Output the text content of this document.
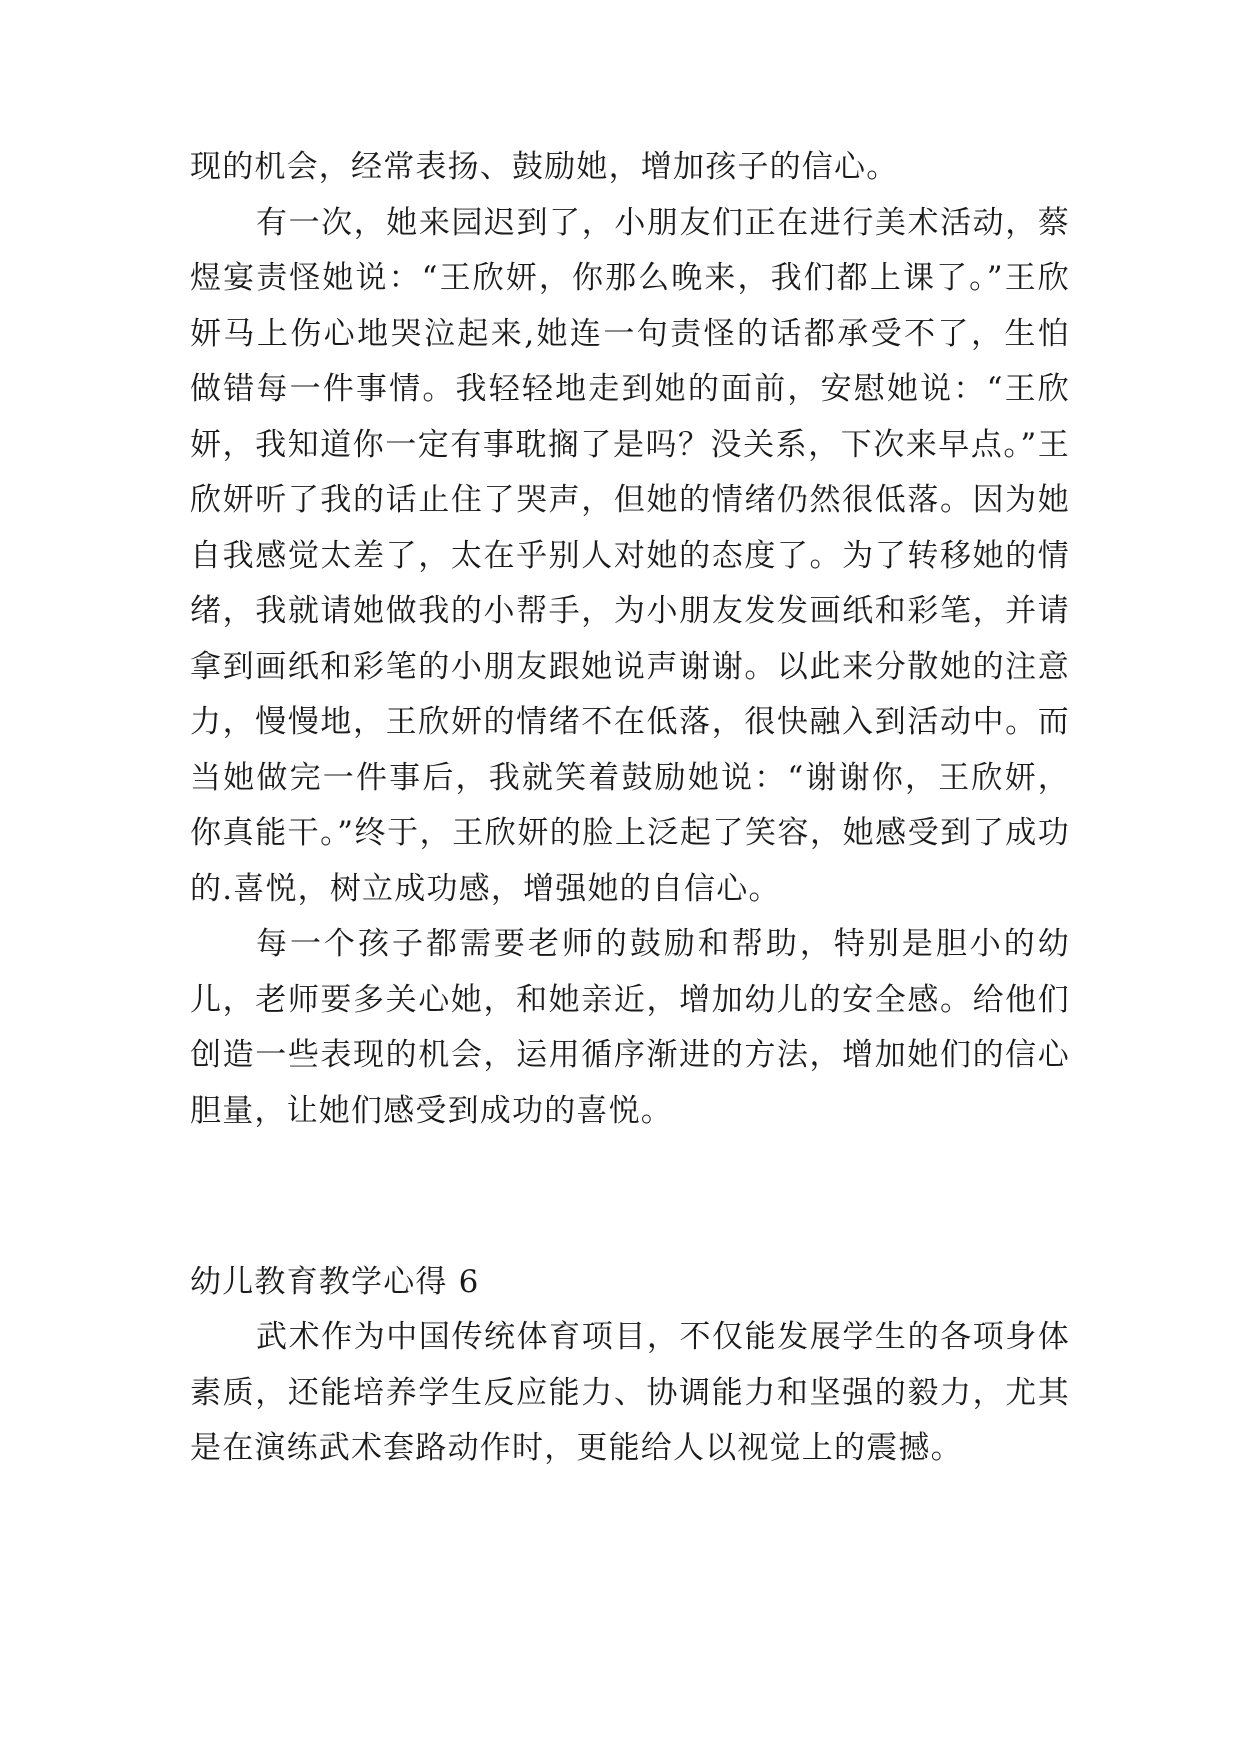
现的机会，经常表扬、鼓励她，增加孩子的信心。

有一次，她来园迟到了，小朋友们正在进行美术活动，蔡煜宴责怪她说：“王欣妍，你那么晚来，我们都上课了。”王欣妍马上伤心地哭泣起来,她连一句责怪的话都承受不了，生怕做错每一件事情。我轻轻地走到她的面前，安慰她说：“王欣妍，我知道你一定有事耽搁了是吗？没关系，下次来早点。”王欣妍听了我的话止住了哭声，但她的情绪仍然很低落。因为她自我感觉太差了，太在乎别人对她的态度了。为了转移她的情绪，我就请她做我的小帮手，为小朋友发发画纸和彩笔，并请拿到画纸和彩笔的小朋友跟她说声谢谢。以此来分散她的注意力，慢慢地，王欣妍的情绪不在低落，很快融入到活动中。而当她做完一件事后，我就笑着鼓励她说：“谢谢你，王欣妍，你真能干。”终于，王欣妍的脸上泛起了笑容，她感受到了成功的.喜悦，树立成功感，增强她的自信心。

每一个孩子都需要老师的鼓励和帮助，特别是胆小的幼儿，老师要多关心她，和她亲近，增加幼儿的安全感。给他们创造一些表现的机会，运用循序渐进的方法，增加她们的信心胆量，让她们感受到成功的喜悦。

幼儿教育教学心得 6

武术作为中国传统体育项目，不仅能发展学生的各项身体素质，还能培养学生反应能力、协调能力和坚强的毅力，尤其是在演练武术套路动作时，更能给人以视觉上的震撼。
